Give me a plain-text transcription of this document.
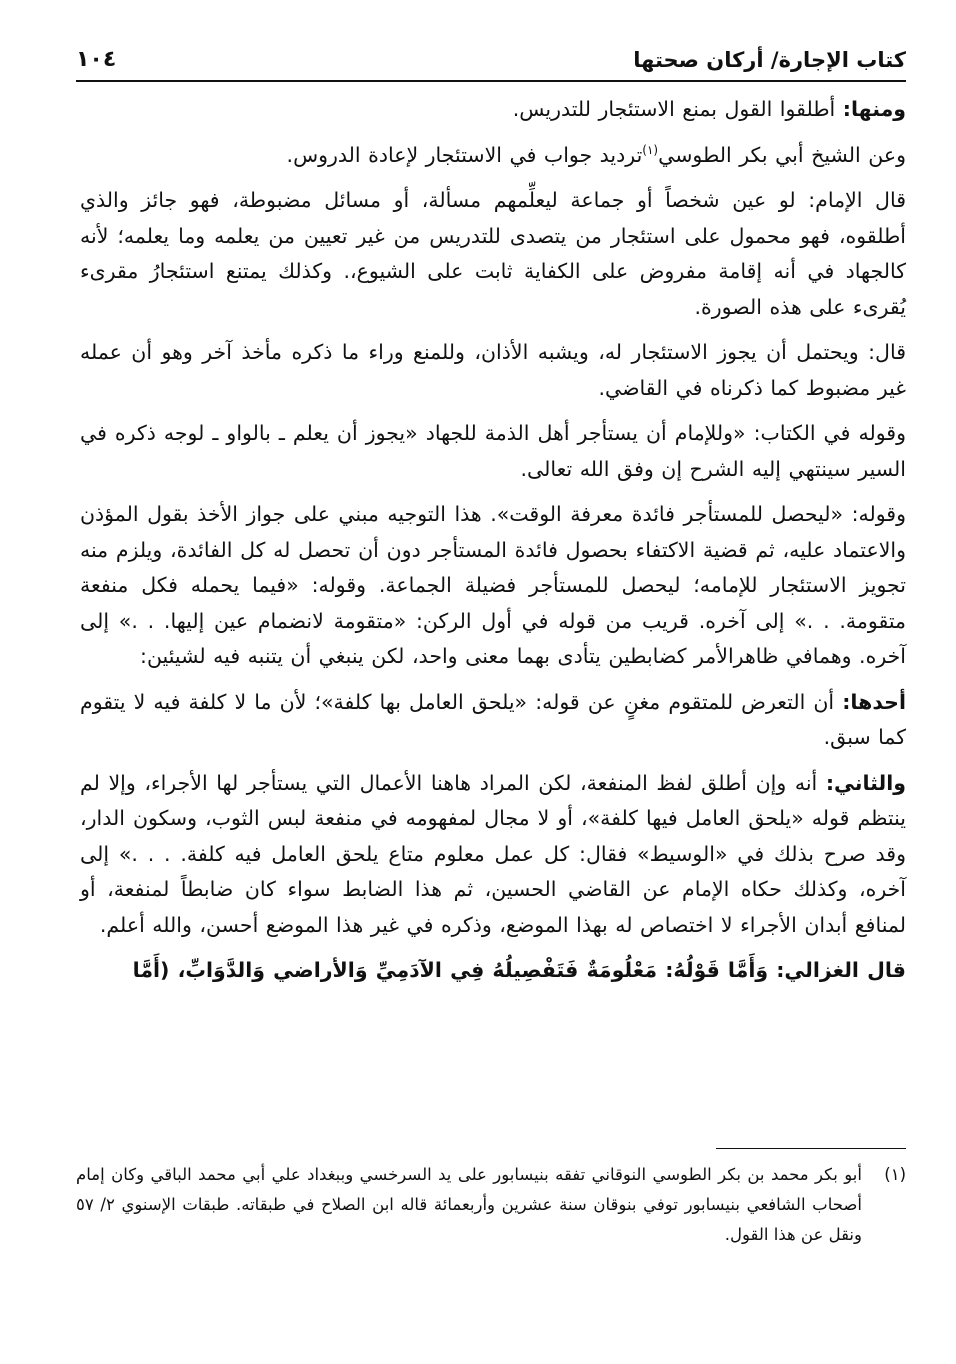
كتاب الإجارة/ أركان صحتها
١٠٤

ومنها: أطلقوا القول بمنع الاستئجار للتدريس.

وعن الشيخ أبي بكر الطوسي$^{(١)}$ترديد جواب في الاستئجار لإعادة الدروس.

قال الإمام: لو عين شخصاً أو جماعة ليعلِّمهم مسألة، أو مسائل مضبوطة، فهو جائز والذي أطلقوه، فهو محمول على استئجار من يتصدى للتدريس من غير تعيين من يعلمه وما يعلمه؛ لأنه كالجهاد في أنه إقامة مفروض على الكفاية ثابت على الشيوع،. وكذلك يمتنع استئجارُ مقرىء يُقرىء على هذه الصورة.

قال: ويحتمل أن يجوز الاستئجار له، ويشبه الأذان، وللمنع وراء ما ذكره مأخذ آخر وهو أن عمله غير مضبوط كما ذكرناه في القاضي.

وقوله في الكتاب: «وللإمام أن يستأجر أهل الذمة للجهاد «يجوز أن يعلم ـ بالواو ـ لوجه ذكره في السير سينتهي إليه الشرح إن وفق الله تعالى.

وقوله: «ليحصل للمستأجر فائدة معرفة الوقت». هذا التوجيه مبني على جواز الأخذ بقول المؤذن والاعتماد عليه، ثم قضية الاكتفاء بحصول فائدة المستأجر دون أن تحصل له كل الفائدة، ويلزم منه تجويز الاستئجار للإمامه؛ ليحصل للمستأجر فضيلة الجماعة. وقوله: «فيما يحمله فكل منفعة متقومة. . .» إلى آخره. قريب من قوله في أول الركن: «متقومة لانضمام عين إليها. . .» إلى آخره. وهمافي ظاهرالأمر كضابطين يتأدى بهما معنى واحد، لكن ينبغي أن يتنبه فيه لشيئين:

أحدها: أن التعرض للمتقوم مغنٍ عن قوله: «يلحق العامل بها كلفة»؛ لأن ما لا كلفة فيه لا يتقوم كما سبق.

والثاني: أنه وإن أطلق لفظ المنفعة، لكن المراد هاهنا الأعمال التي يستأجر لها الأجراء، وإلا لم ينتظم قوله «يلحق العامل فيها كلفة»، أو لا مجال لمفهومه في منفعة لبس الثوب، وسكون الدار، وقد صرح بذلك في «الوسيط» فقال: كل عمل معلوم متاع يلحق العامل فيه كلفة. . . .» إلى آخره، وكذلك حكاه الإمام عن القاضي الحسين، ثم هذا الضابط سواء كان ضابطاً لمنفعة، أو لمنافع أبدان الأجراء لا اختصاص له بهذا الموضع، وذكره في غير هذا الموضع أحسن، والله أعلم.

قال الغزالي: وَأَمَّا قَوْلُهُ: مَعْلُومَةٌ فَتَفْصِيلُهُ فِي الآدَمِيِّ وَالأراضي وَالدَّوَابِّ، (أَمَّا

(١)
أبو بكر محمد بن بكر الطوسي النوقاني تفقه بنيسابور على يد السرخسي وببغداد علي أبي محمد الباقي وكان إمام أصحاب الشافعي بنيسابور توفي بنوقان سنة عشرين وأربعمائة قاله ابن الصلاح في طبقاته. طبقات الإسنوي ٢/ ٥٧ ونقل عن هذا القول.
